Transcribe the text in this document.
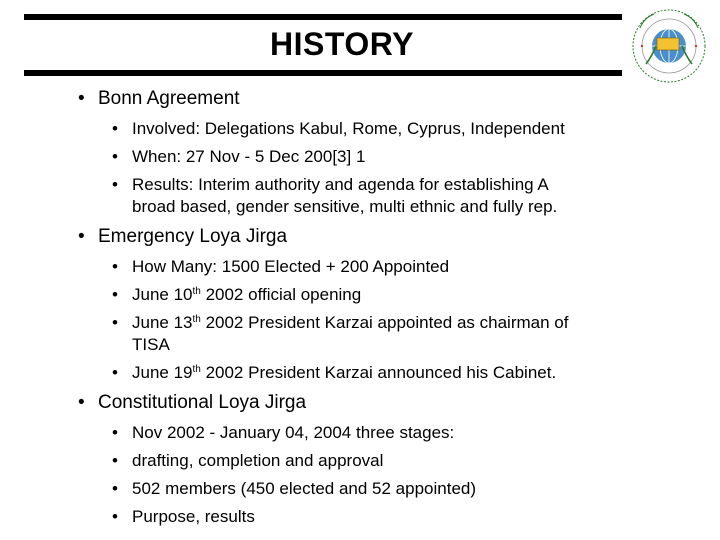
HISTORY
• Bonn Agreement
• Involved: Delegations Kabul, Rome, Cyprus, Independent
• When: 27 Nov - 5 Dec 200[3] 1
• Results: Interim authority and agenda for establishing A
broad based, gender sensitive, multi ethnic and fully rep.
• Emergency Loya Jirga
• How Many: 1500 Elected + 200 Appointed
• June 10th 2002 official opening
• June 13th 2002 President Karzai appointed as chairman of
TISA
• June 19th 2002 President Karzai announced his Cabinet.
• Constitutional Loya Jirga
• Nov 2002 - January 04, 2004 three stages:
• drafting, completion and approval
• 502 members (450 elected and 52 appointed)
• Purpose, results
